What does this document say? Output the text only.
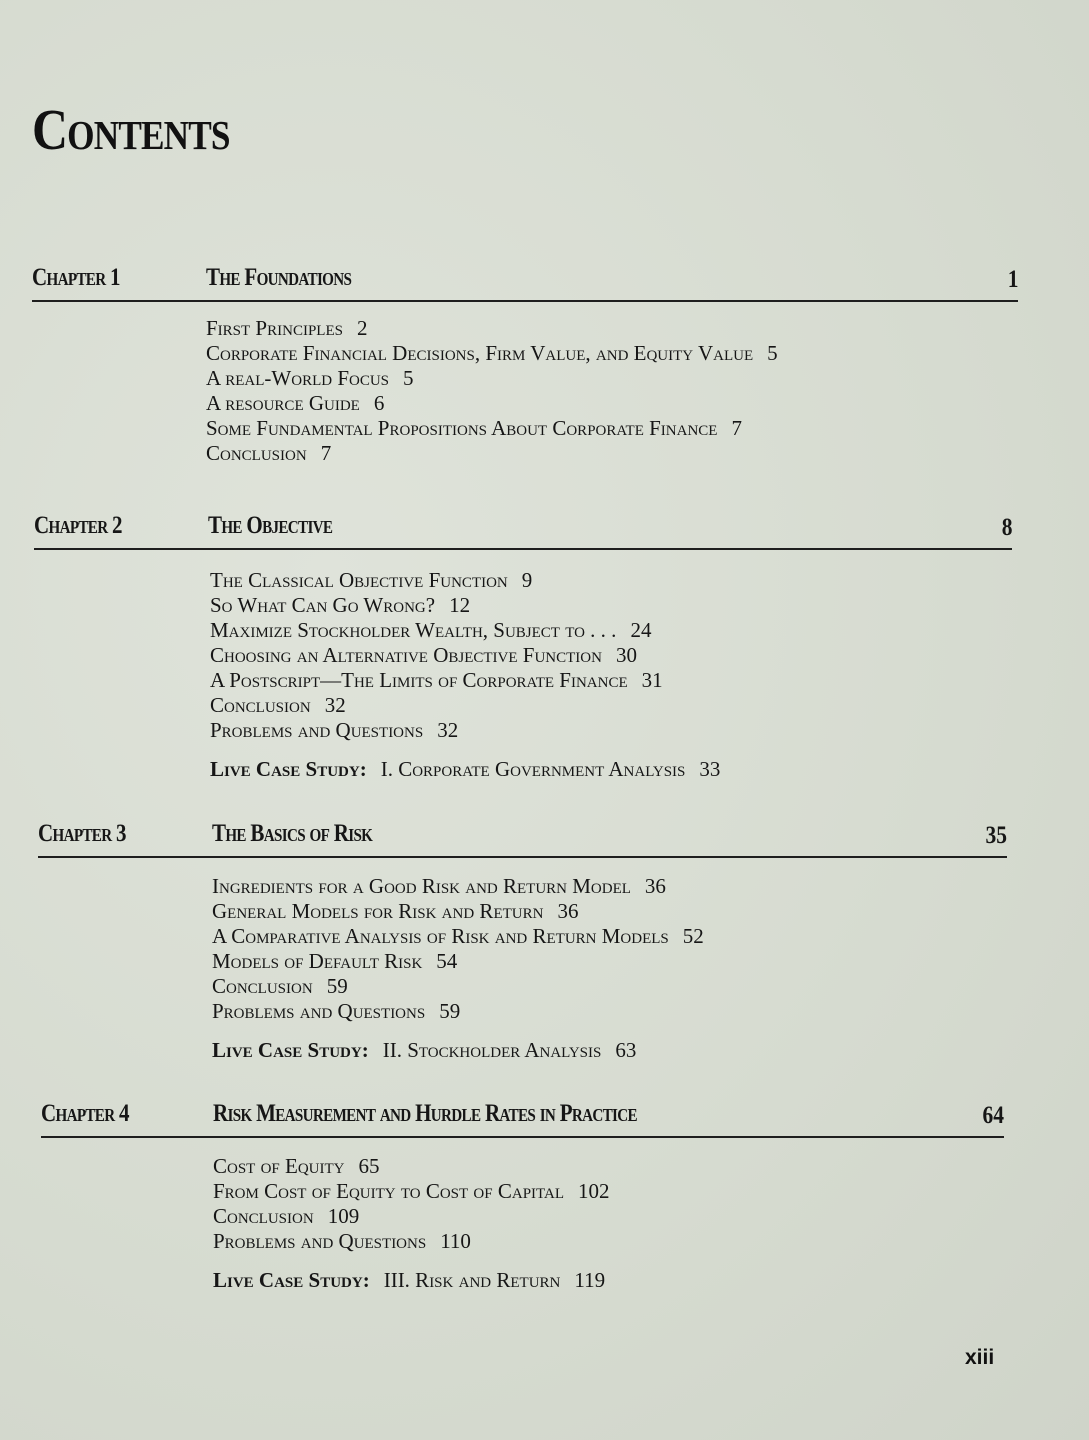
Contents
Chapter 1	The Foundations	1
First Principles 2
Corporate Financial Decisions, Firm Value, and Equity Value 5
A real-World Focus 5
A resource Guide 6
Some Fundamental Propositions About Corporate Finance 7
Conclusion 7
Chapter 2	The Objective	8
The Classical Objective Function 9
So What Can Go Wrong? 12
Maximize Stockholder Wealth, Subject to . . . 24
Choosing an Alternative Objective Function 30
A Postscript—The Limits of Corporate Finance 31
Conclusion 32
Problems and Questions 32
Live Case Study: I. Corporate Government Analysis 33
Chapter 3	The Basics of Risk	35
Ingredients for a Good Risk and Return Model 36
General Models for Risk and Return 36
A Comparative Analysis of Risk and Return Models 52
Models of Default Risk 54
Conclusion 59
Problems and Questions 59
Live Case Study: II. Stockholder Analysis 63
Chapter 4	Risk Measurement and Hurdle Rates in Practice	64
Cost of Equity 65
From Cost of Equity to Cost of Capital 102
Conclusion 109
Problems and Questions 110
Live Case Study: III. Risk and Return 119
xiii
